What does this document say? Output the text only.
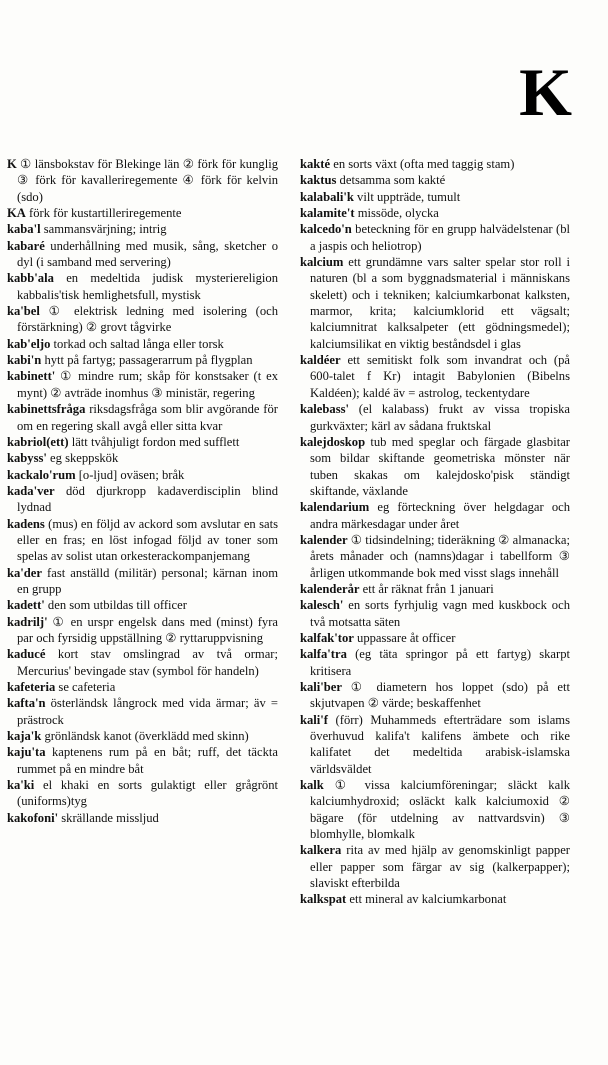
K

K ① länsbokstav för Blekinge län ② förk för kunglig ③ förk för kavalleriregemente ④ förk för kelvin (sdo)

KA förk för kustartilleriregemente

kaba'l sammansvärjning; intrig

kabaré underhållning med musik, sång, sketcher o dyl (i samband med servering)

kabb'ala en medeltida judisk mysteriereligion kabbalis'tisk hemlighetsfull, mystisk

ka'bel ① elektrisk ledning med isolering (och förstärkning) ② grovt tågvirke

kab'eljo torkad och saltad långa eller torsk

kabi'n hytt på fartyg; passagerarrum på flygplan

kabinett' ① mindre rum; skåp för konstsaker (t ex mynt) ② avträde inomhus ③ ministär, regering

kabinettsfråga riksdagsfråga som blir avgörande för om en regering skall avgå eller sitta kvar

kabriol(ett) lätt tvåhjuligt fordon med sufflett

kabyss' eg skeppskök

kackalo'rum [o-ljud] oväsen; bråk

kada'ver död djurkropp kadaverdisciplin blind lydnad

kadens (mus) en följd av ackord som avslutar en sats eller en fras; en löst infogad följd av toner som spelas av solist utan orkesterackompanjemang

ka'der fast anställd (militär) personal; kärnan inom en grupp

kadett' den som utbildas till officer

kadrilj' ① en urspr engelsk dans med (minst) fyra par och fyrsidig uppställning ② ryttaruppvisning

kaducé kort stav omslingrad av två ormar; Mercurius' bevingade stav (symbol för handeln)

kafeteria se cafeteria

kafta'n österländsk långrock med vida ärmar; äv = prästrock

kaja'k grönländsk kanot (överklädd med skinn)

kaju'ta kaptenens rum på en båt; ruff, det täckta rummet på en mindre båt

ka'ki el khaki en sorts gulaktigt eller grågrönt (uniforms)tyg

kakofoni' skrällande misslјud

kakté en sorts växt (ofta med taggig stam)

kaktus detsamma som kakté

kalabali'k vilt uppträde, tumult

kalamite't missöde, olycka

kalcedo'n beteckning för en grupp halvädelstenar (bl a jaspis och heliotrop)

kalcium ett grundämne vars salter spelar stor roll i naturen (bl a som byggnadsmaterial i människans skelett) och i tekniken; kalciumkarbonat kalksten, marmor, krita; kalciumklorid ett vägsalt; kalciumnitrat kalksalpeter (ett gödningsmedel); kalciumsilikat en viktig beståndsdel i glas

kaldéer ett semitiskt folk som invandrat och (på 600-talet f Kr) intagit Babylonien (Bibelns Kaldéen); kaldé äv = astrolog, teckentydare

kalebass' (el kalabass) frukt av vissa tropiska gurkväxter; kärl av sådana fruktskal

kalejdoskop tub med speglar och färgade glasbitar som bildar skiftande geometriska mönster när tuben skakas om kalejdosko'pisk ständigt skiftande, växlande

kalendarium eg förteckning över helgdagar och andra märkesdagar under året

kalender ① tidsindelning; tideräkning ② almanacka; årets månader och (namns)dagar i tabellform ③ årligen utkommande bok med visst slags innehåll

kalenderår ett år räknat från 1 januari

kalesch' en sorts fyrhjulig vagn med kuskbock och två motsatta säten

kalfak'tor uppassare åt officer

kalfa'tra (eg täta springor på ett fartyg) skarpt kritisera

kali'ber ① diametern hos loppet (sdo) på ett skjutvapen ② värde; beskaffenhet

kali'f (förr) Muhammeds efterträdare som islams överhuvud kalifa't kalifens ämbete och rike kalifatet det medeltida arabisk-islamska världsväldet

kalk ① vissa kalciumföreningar; släckt kalk kalciumhydroxid; osläckt kalk kalciumoxid ② bägare (för utdelning av nattvardsvin) ③ blomhylle, blomkalk

kalkera rita av med hjälp av genomskinligt papper eller papper som färgar av sig (kalkerpapper); slaviskt efterbilda

kalkspat ett mineral av kalciumkarbonat
